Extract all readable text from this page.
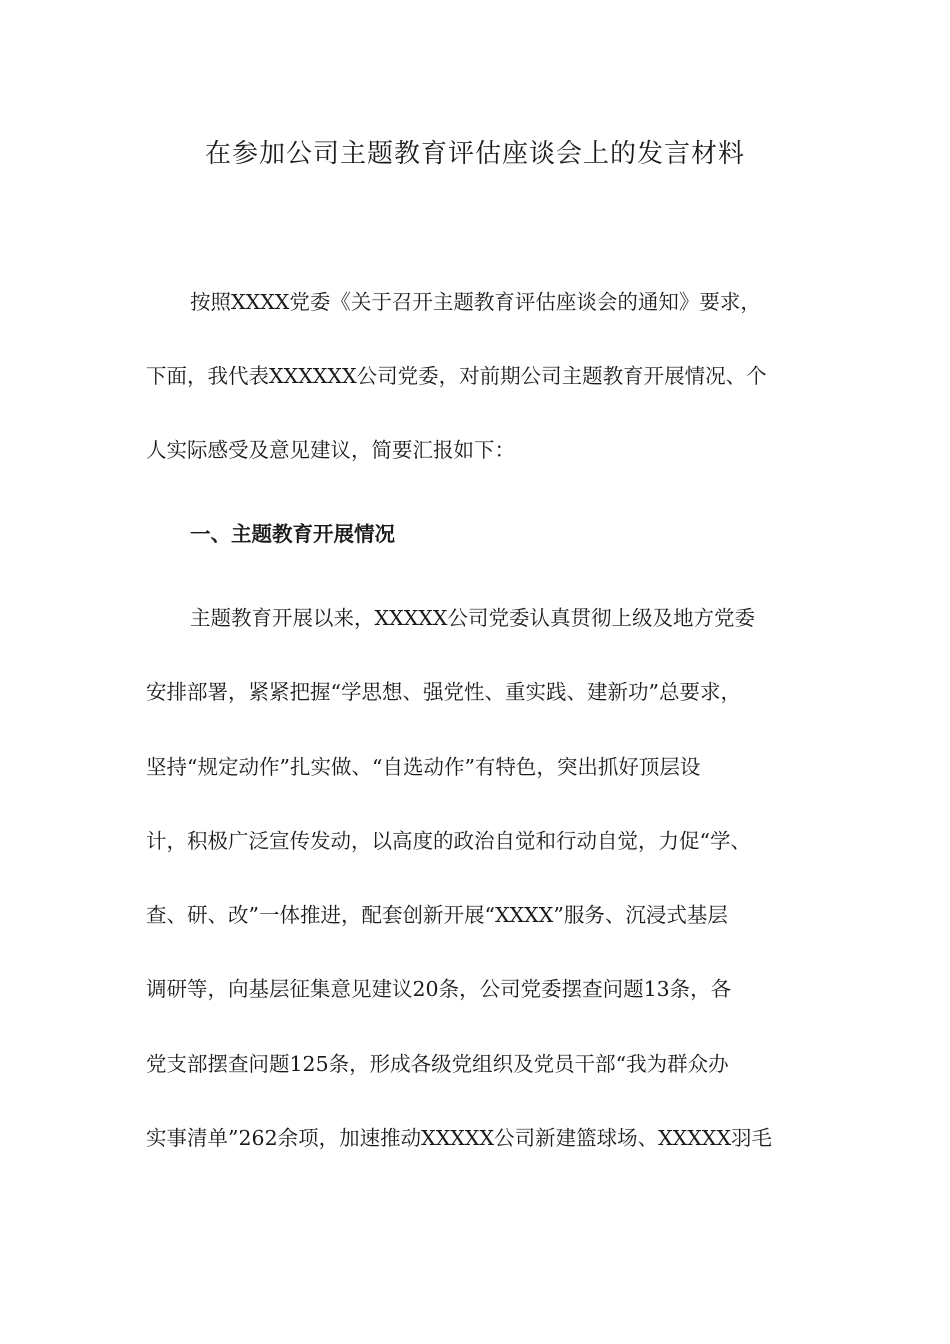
在参加公司主题教育评估座谈会上的发言材料
按照XXXX党委《关于召开主题教育评估座谈会的通知》要求，
下面，我代表XXXXXX公司党委，对前期公司主题教育开展情况、个
人实际感受及意见建议，简要汇报如下：
一、主题教育开展情况
主题教育开展以来，XXXXX公司党委认真贯彻上级及地方党委
安排部署，紧紧把握“学思想、强党性、重实践、建新功”总要求，
坚持“规定动作”扎实做、“自选动作”有特色，突出抓好顶层设
计，积极广泛宣传发动，以高度的政治自觉和行动自觉，力促“学、
查、研、改”一体推进，配套创新开展“XXXX”服务、沉浸式基层
调研等，向基层征集意见建议20条，公司党委摆查问题13条，各
党支部摆查问题125条，形成各级党组织及党员干部“我为群众办
实事清单”262余项，加速推动XXXXX公司新建篮球场、XXXXX羽毛
